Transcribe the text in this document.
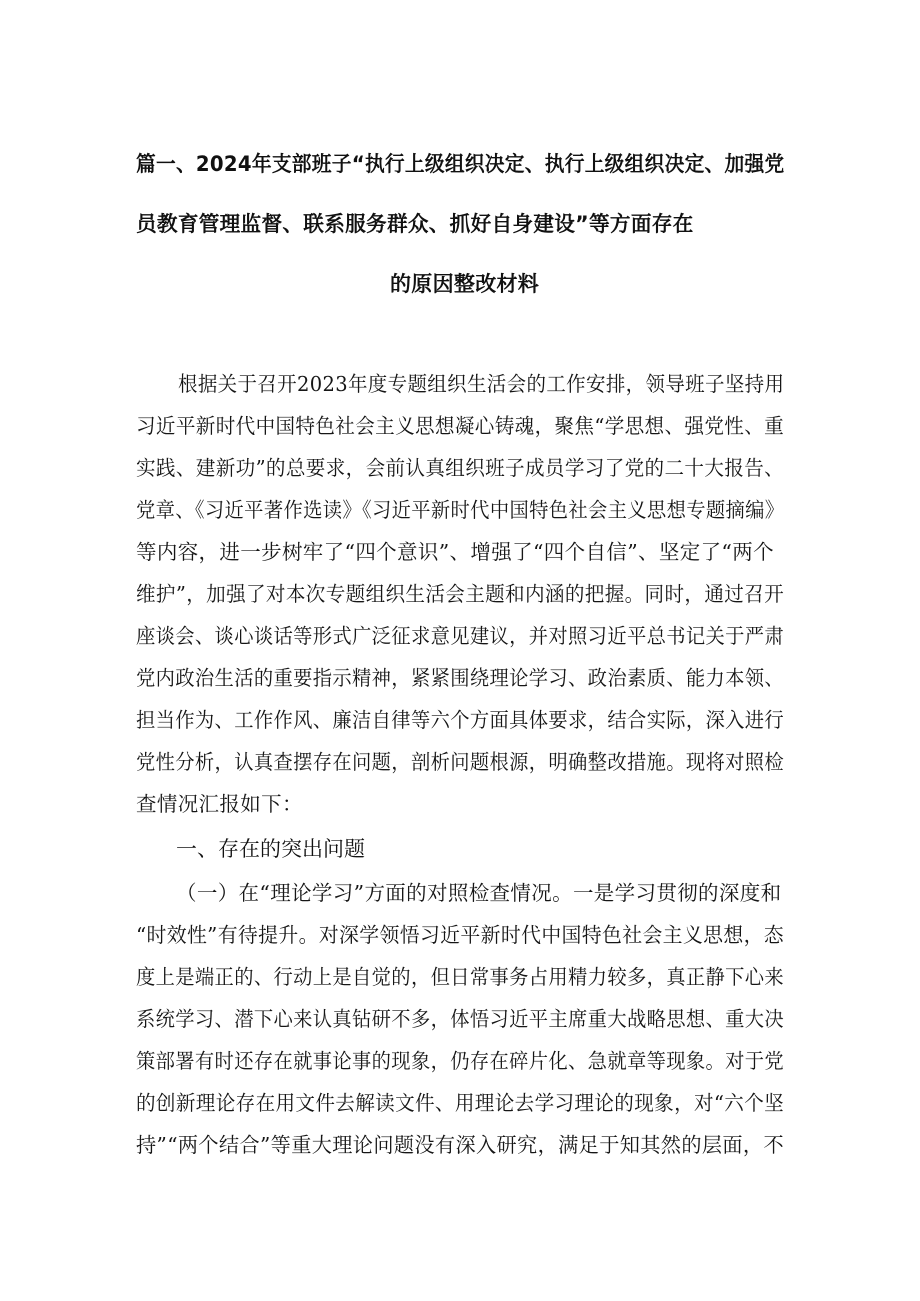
篇一、2024年支部班子“执行上级组织决定、执行上级组织决定、加强党
员教育管理监督、联系服务群众、抓好自身建设”等方面存在
的原因整改材料
根据关于召开2023年度专题组织生活会的工作安排，领导班子坚持用
习近平新时代中国特色社会主义思想凝心铸魂，聚焦“学思想、强党性、重
实践、建新功”的总要求，会前认真组织班子成员学习了党的二十大报告、
党章、《习近平著作选读》《习近平新时代中国特色社会主义思想专题摘编》
等内容，进一步树牢了“四个意识”、增强了“四个自信”、坚定了“两个
维护”，加强了对本次专题组织生活会主题和内涵的把握。同时，通过召开
座谈会、谈心谈话等形式广泛征求意见建议，并对照习近平总书记关于严肃
党内政治生活的重要指示精神，紧紧围绕理论学习、政治素质、能力本领、
担当作为、工作作风、廉洁自律等六个方面具体要求，结合实际，深入进行
党性分析，认真查摆存在问题，剖析问题根源，明确整改措施。现将对照检
查情况汇报如下：
一、存在的突出问题
（一）在“理论学习”方面的对照检查情况。一是学习贯彻的深度和
“时效性”有待提升。对深学领悟习近平新时代中国特色社会主义思想，态
度上是端正的、行动上是自觉的，但日常事务占用精力较多，真正静下心来
系统学习、潜下心来认真钻研不多，体悟习近平主席重大战略思想、重大决
策部署有时还存在就事论事的现象，仍存在碎片化、急就章等现象。对于党
的创新理论存在用文件去解读文件、用理论去学习理论的现象，对“六个坚
持”“两个结合”等重大理论问题没有深入研究，满足于知其然的层面，不
